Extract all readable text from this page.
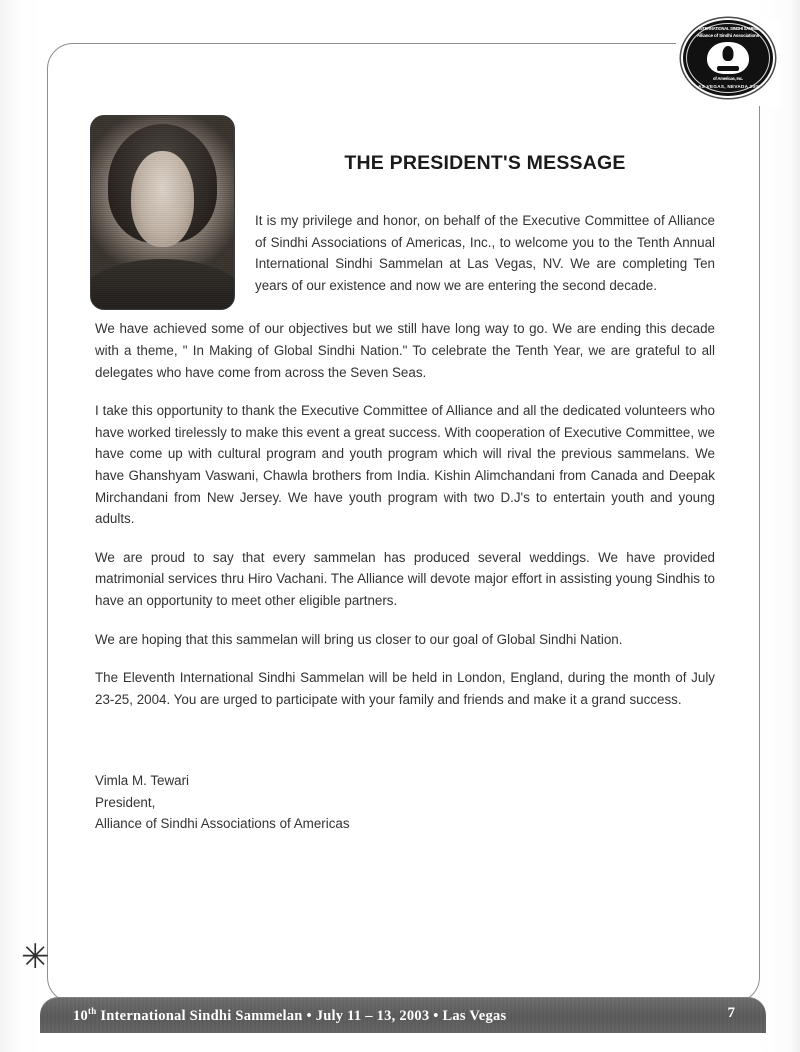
10th INTERNATIONAL SINDHI SAMMELAN
Alliance of Sindhi Associations
of Americas, Inc.
LAS VEGAS, NEVADA 2003
THE PRESIDENT'S MESSAGE

It is my privilege and honor, on behalf of the Executive Committee of Alliance of Sindhi Associations of Americas, Inc., to welcome you to the Tenth Annual International Sindhi Sammelan at Las Vegas, NV. We are completing Ten years of our existence and now we are entering the second decade.

We have achieved some of our objectives but we still have long way to go. We are ending this decade with a theme, " In Making of Global Sindhi Nation." To celebrate the Tenth Year, we are grateful to all delegates who have come from across the Seven Seas.

I take this opportunity to thank the Executive Committee of Alliance and all the dedicated volunteers who have worked tirelessly to make this event a great success. With cooperation of Executive Committee, we have come up with cultural program and youth program which will rival the previous sammelans. We have Ghanshyam Vaswani, Chawla brothers from India. Kishin Alimchandani from Canada and Deepak Mirchandani from New Jersey. We have youth program with two D.J's to entertain youth and young adults.

We are proud to say that every sammelan has produced several weddings. We have provided matrimonial services thru Hiro Vachani. The Alliance will devote major effort in assisting young Sindhis to have an opportunity to meet other eligible partners.

We are hoping that this sammelan will bring us closer to our goal of Global Sindhi Nation.

The Eleventh International Sindhi Sammelan will be held in London, England, during the month of July 23-25, 2004. You are urged to participate with your family and friends and make it a grand success.

Vimla M. Tewari
President,
Alliance of Sindhi Associations of Americas
✳
10th International Sindhi Sammelan • July 11 – 13, 2003 • Las Vegas	7
